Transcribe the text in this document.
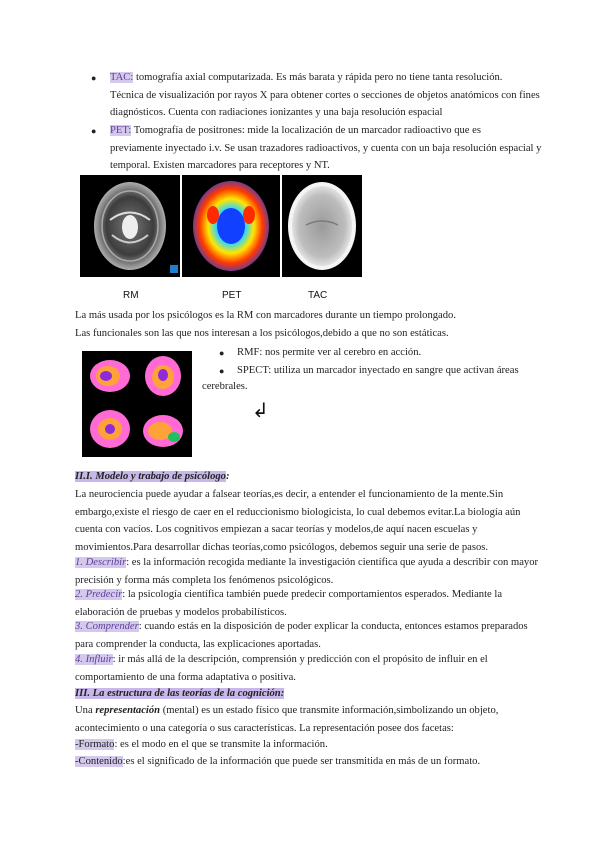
● TAC: tomografía axial computarizada. Es más barata y rápida pero no tiene tanta resolución.
Técnica de visualización por rayos X para obtener cortes o secciones de objetos anatómicos con fines
diagnósticos. Cuenta con radiaciones ionizantes y una baja resolución espacial
● PET: Tomografía de positrones: mide la localización de un marcador radioactivo que es
previamente inyectado i.v. Se usan trazadores radioactivos, y cuenta con un baja resolución espacial y
temporal. Existen marcadores para receptores y NT.
RM	PET	TAC
La más usada por los psicólogos es la RM con marcadores durante un tiempo prolongado.
Las funcionales son las que nos interesan a los psicólogos,debido a que no son estáticas.
● RMF: nos permite ver al cerebro en acción.
● SPECT: utiliza un marcador inyectado en sangre que activan áreas
cerebrales.
↲
II.I. Modelo y trabajo de psicólogo:
La neurociencia puede ayudar a falsear teorías,es decir, a entender el funcionamiento de la mente.Sin
embargo,existe el riesgo de caer en el reduccionismo biologicista, lo cual debemos evitar.La biología aún
cuenta con vacíos. Los cognitivos empiezan a sacar teorías y modelos,de aquí nacen escuelas y
movimientos.Para desarrollar dichas teorías,como psicólogos, debemos seguir una serie de pasos.
1. Describir: es la información recogida mediante la investigación científica que ayuda a describir con mayor
precisión y forma más completa los fenómenos psicológicos.
2. Predecir: la psicología científica también puede predecir comportamientos esperados. Mediante la
elaboración de pruebas y modelos probabilísticos.
3. Comprender: cuando estás en la disposición de poder explicar la conducta, entonces estamos preparados
para comprender la conducta, las explicaciones aportadas.
4. Influir: ir más allá de la descripción, comprensión y predicción con el propósito de influir en el
comportamiento de una forma adaptativa o positiva.
III. La estructura de las teorías de la cognición:
Una representación (mental) es un estado físico que transmite información,simbolizando un objeto,
acontecimiento o una categoría o sus características. La representación posee dos facetas:
-Formato: es el modo en el que se transmite la información.
-Contenido:es el significado de la información que puede ser transmitida en más de un formato.
